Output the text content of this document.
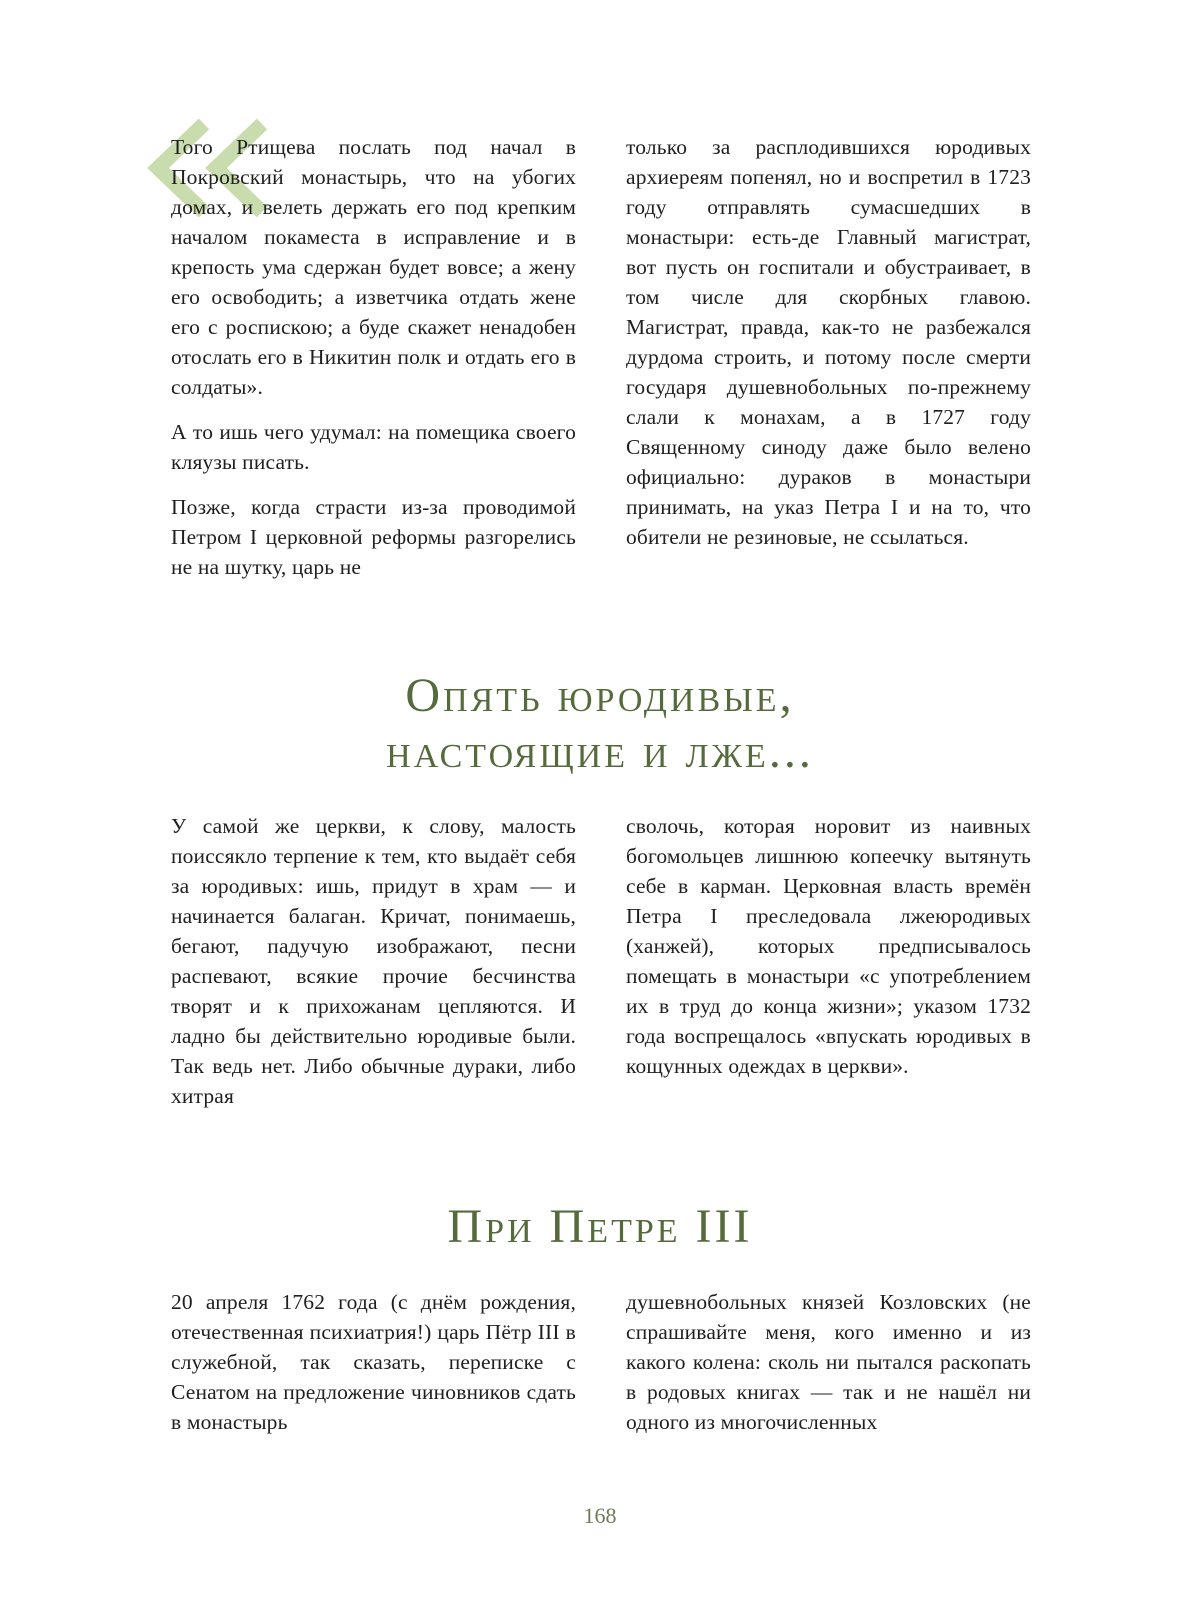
Того Ртищева послать под начал в Покровский монастырь, что на убогих домах, и велеть держать его под крепким началом покаместа в исправление и в крепость ума сдержан будет вовсе; а жену его освободить; а изветчика отдать жене его с роспискою; а буде скажет ненадобен отослать его в Никитин полк и отдать его в солдаты».

А то ишь чего удумал: на помещика своего кляузы писать.

Позже, когда страсти из-за проводимой Петром I церковной реформы разгорелись не на шутку, царь не

только за расплодившихся юродивых архиереям попенял, но и воспретил в 1723 году отправлять сумасшедших в монастыри: есть-де Главный магистрат, вот пусть он госпитали и обустраивает, в том числе для скорбных главою. Магистрат, правда, как-то не разбежался дурдома строить, и потому после смерти государя душевнобольных по-прежнему слали к монахам, а в 1727 году Священному синоду даже было велено официально: дураков в монастыри принимать, на указ Петра I и на то, что обители не резиновые, не ссылаться.

Опять юродивые,
настоящие и лже...

У самой же церкви, к слову, малость поиссякло терпение к тем, кто выдаёт себя за юродивых: ишь, придут в храм — и начинается балаган. Кричат, понимаешь, бегают, падучую изображают, песни распевают, всякие прочие бесчинства творят и к прихожанам цепляются. И ладно бы действительно юродивые были. Так ведь нет. Либо обычные дураки, либо хитрая

сволочь, которая норовит из наивных богомольцев лишнюю копеечку вытянуть себе в карман. Церковная власть времён Петра I преследовала лжеюродивых (ханжей), которых предписывалось помещать в монастыри «с употреблением их в труд до конца жизни»; указом 1732 года воспрещалось «впускать юродивых в кощунных одеждах в церкви».

При Петре III

20 апреля 1762 года (с днём рождения, отечественная психиатрия!) царь Пётр III в служебной, так сказать, переписке с Сенатом на предложение чиновников сдать в монастырь

душевнобольных князей Козловских (не спрашивайте меня, кого именно и из какого колена: сколь ни пытался раскопать в родовых книгах — так и не нашёл ни одного из многочисленных

168
